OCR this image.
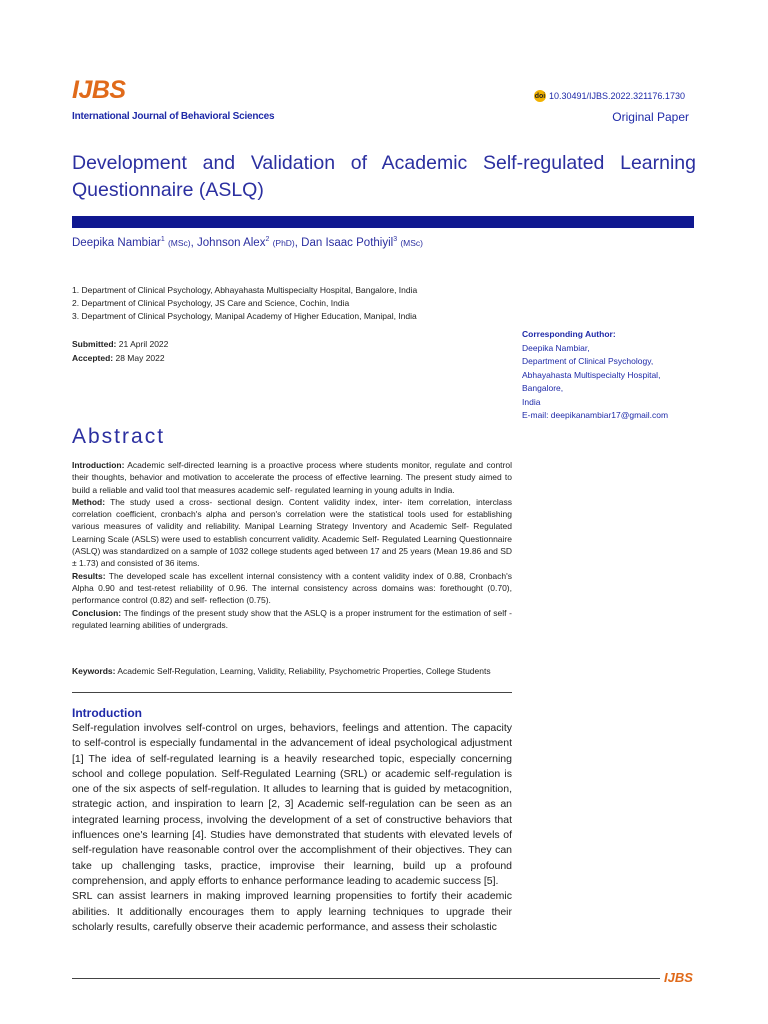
IJBS
International Journal of Behavioral Sciences
doi 10.30491/IJBS.2022.321176.1730
Original Paper
Development and Validation of Academic Self-regulated Learning Questionnaire (ASLQ)
Deepika Nambiar$^1$ (MSc), Johnson Alex$^2$ (PhD), Dan Isaac Pothiyil$^3$ (MSc)
1. Department of Clinical Psychology, Abhayahasta Multispecialty Hospital, Bangalore, India
2. Department of Clinical Psychology, JS Care and Science, Cochin, India
3. Department of Clinical Psychology, Manipal Academy of Higher Education, Manipal, India
Submitted: 21 April 2022
Accepted: 28 May 2022
Corresponding Author:
Deepika Nambiar,
Department of Clinical Psychology,
Abhayahasta Multispecialty Hospital,
Bangalore,
India
E-mail: deepikanambiar17@gmail.com
Abstract

Introduction: Academic self-directed learning is a proactive process where students monitor, regulate and control their thoughts, behavior and motivation to accelerate the process of effective learning. The present study aimed to build a reliable and valid tool that measures academic self- regulated learning in young adults in India.

Method: The study used a cross- sectional design. Content validity index, inter- item correlation, interclass correlation coefficient, cronbach's alpha and person's correlation were the statistical tools used for establishing various measures of validity and reliability. Manipal Learning Strategy Inventory and Academic Self- Regulated Learning Scale (ASLS) were used to establish concurrent validity. Academic Self- Regulated Learning Questionnaire (ASLQ) was standardized on a sample of 1032 college students aged between 17 and 25 years (Mean 19.86 and SD ± 1.73) and consisted of 36 items.

Results: The developed scale has excellent internal consistency with a content validity index of 0.88, Cronbach's Alpha 0.90 and test-retest reliability of 0.96. The internal consistency across domains was: forethought (0.70), performance control (0.82) and self- reflection (0.75).

Conclusion: The findings of the present study show that the ASLQ is a proper instrument for the estimation of self -regulated learning abilities of undergrads.

Keywords: Academic Self-Regulation, Learning, Validity, Reliability, Psychometric Properties, College Students
Introduction

Self-regulation involves self-control on urges, behaviors, feelings and attention. The capacity to self-control is especially fundamental in the advancement of ideal psychological adjustment [1] The idea of self-regulated learning is a heavily researched topic, especially concerning school and college population. Self-Regulated Learning (SRL) or academic self-regulation is one of the six aspects of self-regulation. It alludes to learning that is guided by metacognition, strategic action, and inspiration to learn [2, 3] Academic self-regulation can be seen as an integrated learning process, involving the development of a set of constructive behaviors that influences one's learning [4]. Studies have demonstrated that students with elevated levels of self-regulation have reasonable control over the accomplishment of their objectives. They can take up challenging tasks, practice, improvise their learning, build up a profound comprehension, and apply efforts to enhance performance leading to academic success [5].

SRL can assist learners in making improved learning propensities to fortify their academic abilities. It additionally encourages them to apply learning techniques to upgrade their scholarly results, carefully observe their academic performance, and assess their scholastic

IJBS
